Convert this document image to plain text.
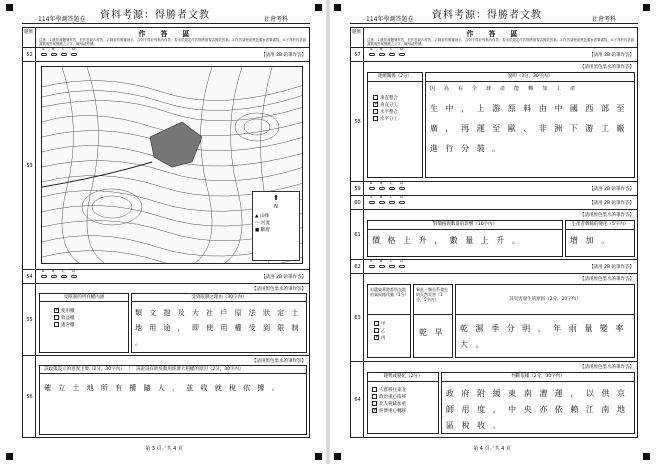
114年學測答題卷 資料考源：得勝者文教	社會考科
題號	作　答　區
注意：1.應依據題號作答，於作答區內作答。2.除非有明確指示，否則不得於每格內作答；若未依規定作答則將被視為無效答案。3.作答請使用黑色墨水的筆書寫。4.不得於作答區書寫與答案無關之文字、圖形或符號。
52
A B C D
【請用 2B 鉛筆作答】
53
⬆
N
▲ 山峰
～ 河流
■ 斷層
54
A B C D
【請用 2B 鉛筆作答】
55
【請用黑色墨水的筆作答】
受限制的所有權內涵
✓使用權
收益權
處分權
受到限制之理由（30字內）
類 文 提 及 大 社 戶 原 法 狀 定 土 地 用 途 ， 即 使 用 權 受 到 限 制 。
56
【請用黑色墨水的筆作答】
該政策設立的意義主要（2分，30字內）　｜　該說詞有助於動用經濟大租權的原因（2分，30字內）
確 立 土 地 所 有 權 隨 人 ， 並 收 就 稅 依 據 。
第 3 頁／共 4 頁
114年學測答題卷 資料考源：得勝者文教	社會考科
題號	作　答　區
注意：1.應依據題號作答，於作答區內作答。2.除非有明確指示，否則不得於每格內作答；若未依規定作答則將被視為無效答案。3.作答請使用黑色墨水的筆書寫。4.不得於作答區書寫與答案無關之文字、圖形或符號。
57
A B C D
【請用 2B 鉛筆作答】
58
【請用黑色墨水的筆作答】
連續關係（2分）
垂直整合
✓垂直分工
水平整合
水平分工
說明（3分，30字內）
因為在全球產能轉加工產
生 中 ， 上 游 原 料 由 中 國 西 部 至 廣 ， 再 運 至 歐 、 非 洲 下 游 工 廠 進 行 分 裝 。
59
A B C D
【請用 2B 鉛筆作答】
60
A B C D
【請用 2B 鉛筆作答】
61
【請用黑色墨水的筆作答】
對價格與數量的影響（10字內）
價 格 上 升 ， 數 量 上 升 。
生產者剩餘的變化（5字內）
增 加 。
62
A B C D
【請用 2B 鉛筆作答】
63
【請用黑色墨水的筆作答】
勾選東華港都所在地的氣候種代號（1分）
甲
乙
✓丙
畢此一類首系發生的天然災害（1分，5字內）
乾 旱
該災害發生的原因（2分，20字內）
乾 濕 季 分 明 ， 年 雨 量 變 率 大 。
64
【請用黑色墨水的筆作答】
趨勢或變化（2分）
人群移往東北
政治重心南移
北人稅賦加重
✓經濟重心轉移
判斷依據（2分，30字內）
政 府 附 緩 東 南 漕 運 ， 以 供 京 師 用 度 ， 中 央 亦 依 賴 江 南 地 區 稅 收 。
第 4 頁／共 4 頁
